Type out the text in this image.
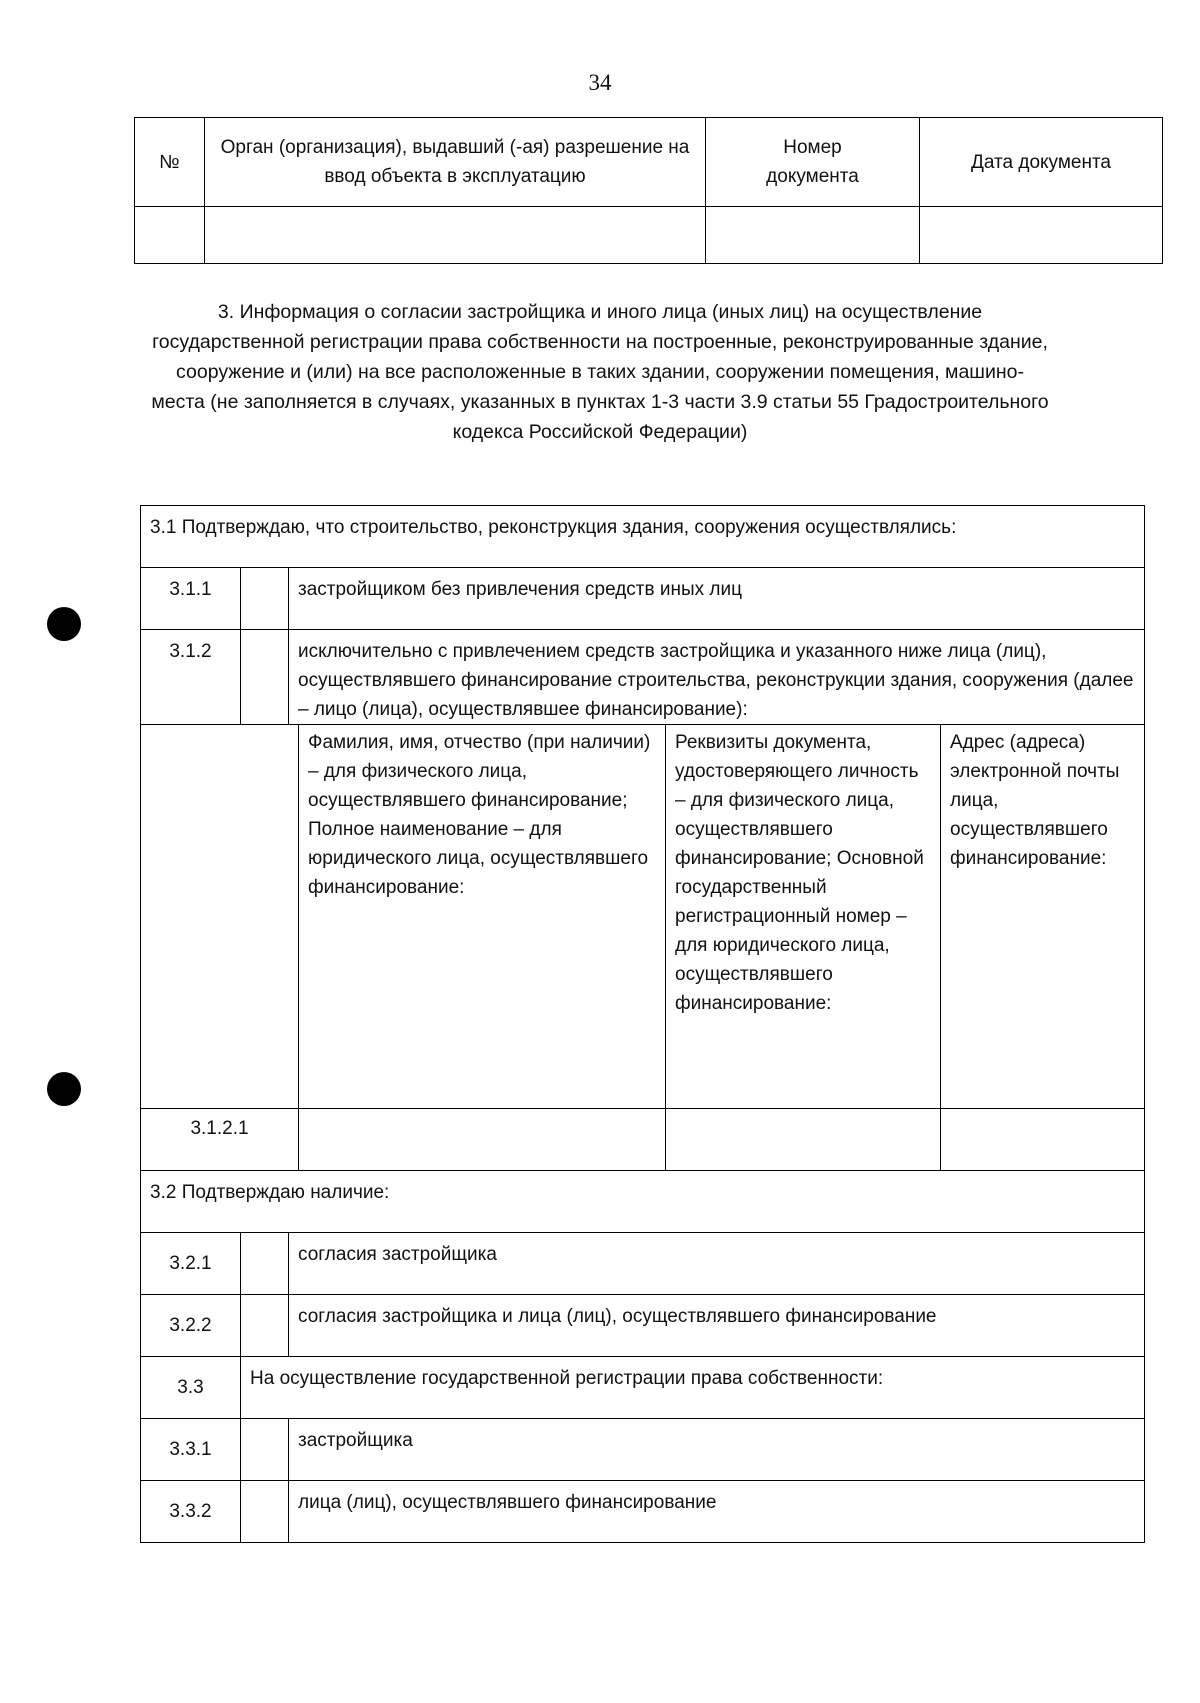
34
№	Орган (организация), выдавший (-ая) разрешение на ввод объекта в эксплуатацию	Номер документа	Дата документа

3. Информация о согласии застройщика и иного лица (иных лиц) на осуществление государственной регистрации права собственности на построенные, реконструированные здание, сооружение и (или) на все расположенные в таких здании, сооружении помещения, машино-места (не заполняется в случаях, указанных в пунктах 1-3 части 3.9 статьи 55 Градостроительного кодекса Российской Федерации)
3.1 Подтверждаю, что строительство, реконструкция здания, сооружения осуществлялись:					
3.1.1		застройщиком без привлечения средств иных лиц			
3.1.2		исключительно с привлечением средств застройщика и указанного ниже лица (лиц), осуществлявшего финансирование строительства, реконструкции здания, сооружения (далее – лицо (лица), осуществлявшее финансирование):			
			Фамилия, имя, отчество (при наличии) – для физического лица, осуществлявшего финансирование; Полное наименование – для юридического лица, осуществлявшего финансирование:	Реквизиты документа, удостоверяющего личность – для физического лица, осуществлявшего финансирование; Основной государственный регистрационный номер – для юридического лица, осуществлявшего финансирование:	Адрес (адреса) электронной почты лица, осуществлявшего финансирование:
3.1.2.1					
3.2 Подтверждаю наличие:					
3.2.1		согласия застройщика			
3.2.2		согласия застройщика и лица (лиц), осуществлявшего финансирование			
3.3	На осуществление государственной регистрации права собственности:				
3.3.1		застройщика			
3.3.2		лица (лиц), осуществлявшего финансирование			
